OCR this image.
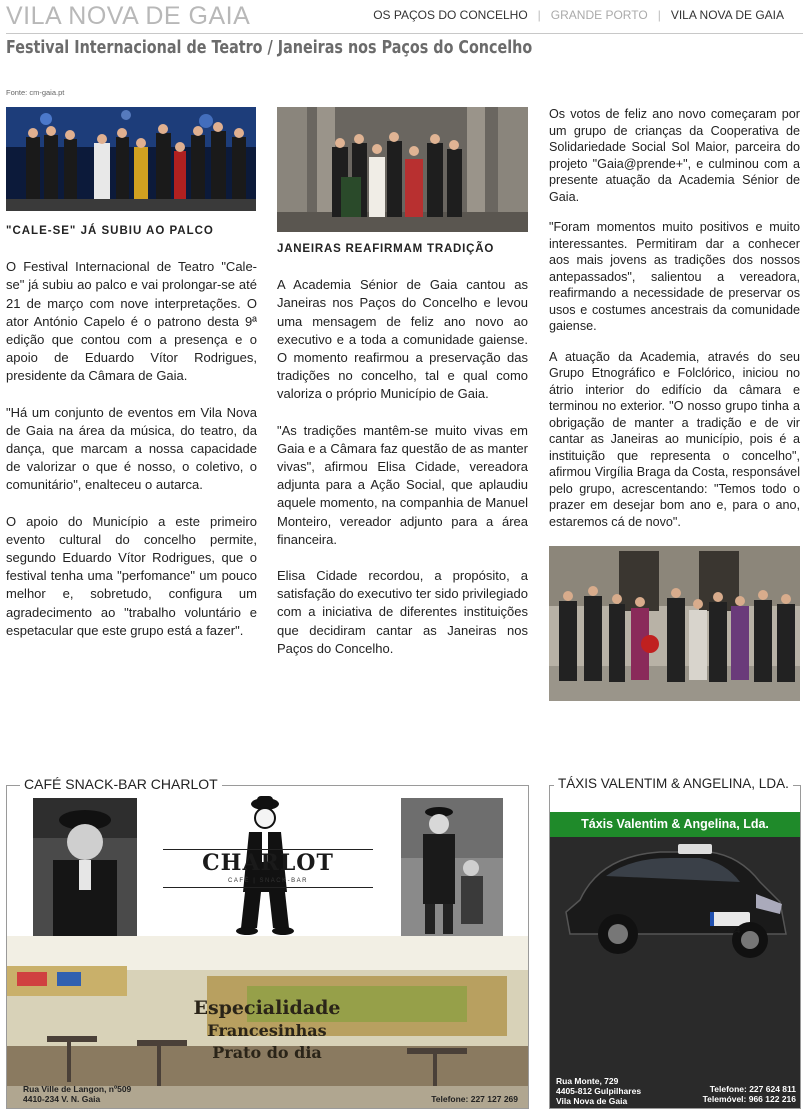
VILA NOVA DE GAIA	OS PAÇOS DO CONCELHO | GRANDE PORTO | VILA NOVA DE GAIA
Festival Internacional de Teatro / Janeiras nos Paços do Concelho
Fonte: cm-gaia.pt
"CALE-SE" JÁ SUBIU AO PALCO

O Festival Internacional de Teatro "Cale-se" já subiu ao palco e vai prolongar-se até 21 de março com nove interpretações. O ator António Capelo é o patrono desta 9ª edição que contou com a presença e o apoio de Eduardo Vítor Rodrigues, presidente da Câmara de Gaia.

"Há um conjunto de eventos em Vila Nova de Gaia na área da música, do teatro, da dança, que marcam a nossa capacidade de valorizar o que é nosso, o coletivo, o comunitário", enalteceu o autarca.

O apoio do Município a este primeiro evento cultural do concelho permite, segundo Eduardo Vítor Rodrigues, que o festival tenha uma "perfomance" um pouco melhor e, sobretudo, configura um agradecimento ao "trabalho voluntário e espetacular que este grupo está a fazer".

JANEIRAS REAFIRMAM TRADIÇÃO

A Academia Sénior de Gaia cantou as Janeiras nos Paços do Concelho e levou uma mensagem de feliz ano novo ao executivo e a toda a comunidade gaiense. O momento reafirmou a preservação das tradições no concelho, tal e qual como valoriza o próprio Município de Gaia.

"As tradições mantêm-se muito vivas em Gaia e a Câmara faz questão de as manter vivas", afirmou Elisa Cidade, vereadora adjunta para a Ação Social, que aplaudiu aquele momento, na companhia de Manuel Monteiro, vereador adjunto para a área financeira.

Elisa Cidade recordou, a propósito, a satisfação do executivo ter sido privilegiado com a iniciativa de diferentes instituições que decidiram cantar as Janeiras nos Paços do Concelho.

Os votos de feliz ano novo começaram por um grupo de crianças da Cooperativa de Solidariedade Social Sol Maior, parceira do projeto "Gaia@prende+", e culminou com a presente atuação da Academia Sénior de Gaia.

"Foram momentos muito positivos e muito interessantes. Permitiram dar a conhecer aos mais jovens as tradições dos nossos antepassados", salientou a vereadora, reafirmando a necessidade de preservar os usos e costumes ancestrais da comunidade gaiense.

A atuação da Academia, através do seu Grupo Etnográfico e Folclórico, iniciou no átrio interior do edifício da câmara e terminou no exterior. "O nosso grupo tinha a obrigação de manter a tradição e de vir cantar as Janeiras ao município, pois é a instituição que representa o concelho", afirmou Virgília Braga da Costa, responsável pelo grupo, acrescentando: "Temos todo o prazer em desejar bom ano e, para o ano, estaremos cá de novo".

CHARLOT
CAFÉ | SNACK-BAR
Especialidade
Francesinhas
Prato do dia
Rua Ville de Langon, nº509
4410-234 V. N. Gaia	Telefone: 227 127 269
CAFÉ SNACK-BAR CHARLOT
Táxis Valentim & Angelina, Lda.
20-EN-84
Rua Monte, 729
4405-812 Gulpilhares
Vila Nova de Gaia
Telefone: 227 624 811
Telemóvel: 966 122 216
TÁXIS VALENTIM & ANGELINA, LDA.
